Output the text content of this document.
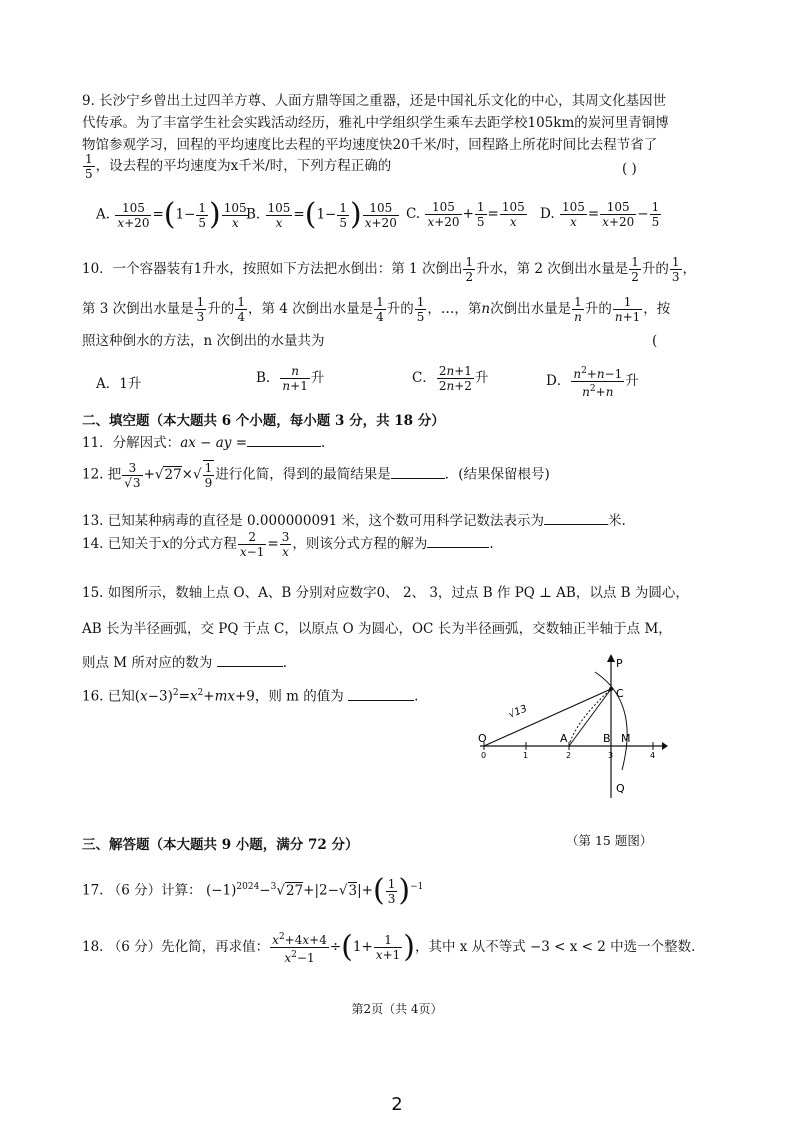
9. 长沙宁乡曾出土过四羊方尊、人面方鼎等国之重器，还是中国礼乐文化的中心，其周文化基因世
代传承。为了丰富学生社会实践活动经历，雅礼中学组织学生乘车去距学校105km的炭河里青铜博
物馆参观学习，回程的平均速度比去程的平均速度快20千米/时，回程路上所花时间比去程节省了
$\frac{1}{5}$ ，设去程的平均速度为x千米/时，下列方程正确的	( )
A. $\frac{105}{x+20} =(1- \frac{1}{5}$ ) $\frac{105}{x}$
B. $\frac{105}{x} =(1- \frac{1}{5}$ ) $\frac{105}{x+20} C$. $\frac{105}{x+20} + \frac{1}{5} = \frac{105}{x} D$. $\frac{105}{x} = \frac{105}{x+20} - \frac{1}{5}$
10．一个容器装有1升水，按照如下方法把水倒出：第 1 次倒出 $\frac{1}{2}$ 升水，第 2 次倒出水量是 $\frac{1}{2}$ 升的 $\frac{1}{3}$ ，
第 3 次倒出水量是 $\frac{1}{3}$ 升的 $\frac{1}{4}$ ，第 4 次倒出水量是 $\frac{1}{4}$ 升的 $\frac{1}{5}$ ，…，第n次倒出水量是 $\frac{1}{n}$ 升的 $\frac{1}{n+1}$ ，按
照这种倒水的方法，n 次倒出的水量共为	(
A．1升	B． $\frac{n}{n+1}$ 升	C． $\frac{2n+1}{2n+2}$ 升	D． $\frac{n^2+n-1}{n^2+n}$ 升
二、填空题（本大题共 6 个小题，每小题 3 分，共 18 分）
11．分解因式：ax − ay =	.
12. 把 $\frac{3}{√3} +√27\times√ \frac{1}{9}$ 进行化简，得到的最简结果是	．(结果保留根号)
13. 已知某种病毒的直径是 0.000000091 米，这个数可用科学记数法表示为	米.
14. 已知关于x的分式方程 $\frac{2}{x-1} = \frac{3}{x}$ ，则该分式方程的解为	.
15. 如图所示，数轴上点 O、A、B 分别对应数字0、 2、 3，过点 B 作 PQ ⊥ AB，以点 B 为圆心，
AB 长为半径画弧，交 PQ 于点 C，以原点 O 为圆心，OC 长为半径画弧，交数轴正半轴于点 M，
则点 M 所对应的数为	.
16. 已知$(x-3)^2=x^2+mx+9$，则 m 的值为	.
P
C
O	A	B M
Q
0	1	2	3	4
√13
（第 15 题图）
三、解答题（本大题共 9 小题，满分 72 分）
17. （6 分）计算： $(-1)^{2024}-^3√27+|2-√3|+( \frac{1}{3} )^{-1}$
18. （6 分）先化简，再求值： $\frac{x^2+4x+4}{x^2-1} \div(1+ \frac{1}{x+1}$ )，其中 x 从不等式 −3 < x < 2 中选一个整数.
第2页（共 4页）
2
